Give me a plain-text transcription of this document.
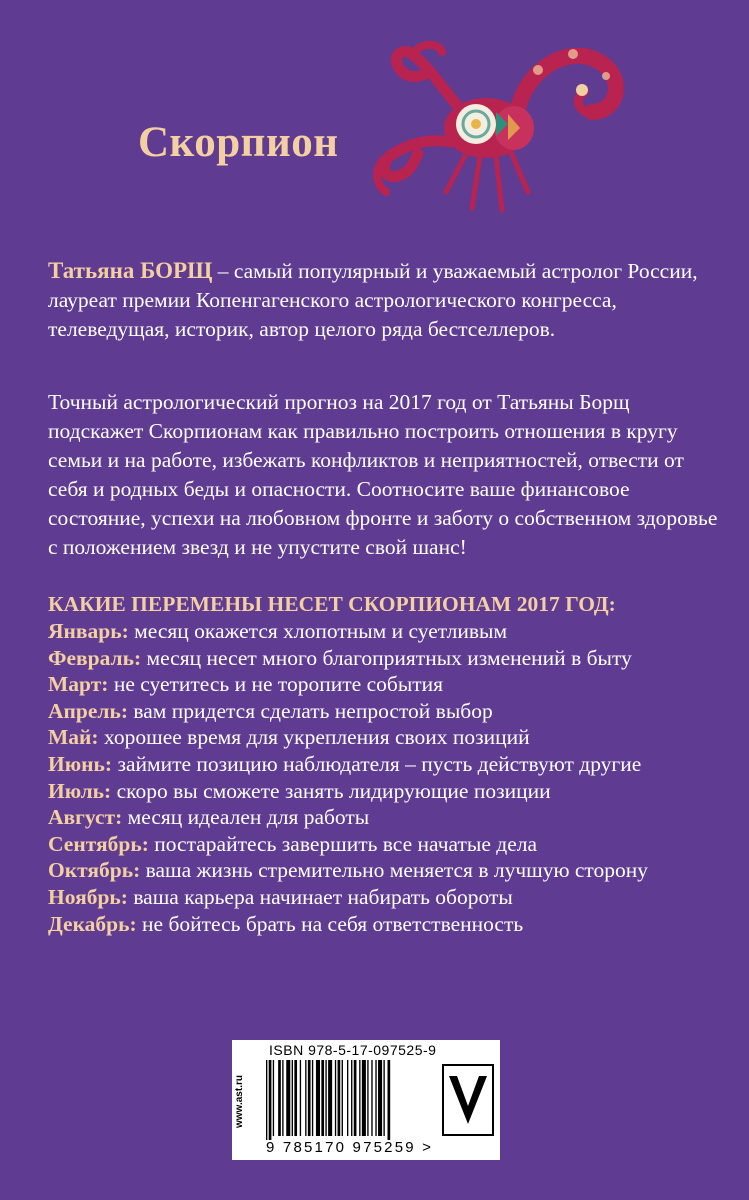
Скорпион
Татьяна БОРЩ – самый популярный и уважаемый астролог России, лауреат премии Копенгагенского астрологического конгресса, телеведущая, историк, автор целого ряда бестселлеров.
Точный астрологический прогноз на 2017 год от Татьяны Борщ подскажет Скорпионам как правильно построить отношения в кругу семьи и на работе, избежать конфликтов и неприятностей, отвести от себя и родных беды и опасности. Соотносите ваше финансовое состояние, успехи на любовном фронте и заботу о собственном здоровье с положением звезд и не упустите свой шанс!
КАКИЕ ПЕРЕМЕНЫ НЕСЕТ СКОРПИОНАМ 2017 ГОД:

Январь: месяц окажется хлопотным и суетливым

Февраль: месяц несет много благоприятных изменений в быту

Март: не суетитесь и не торопите события

Апрель: вам придется сделать непростой выбор

Май: хорошее время для укрепления своих позиций

Июнь: займите позицию наблюдателя – пусть действуют другие

Июль: скоро вы сможете занять лидирующие позиции

Август: месяц идеален для работы

Сентябрь: постарайтесь завершить все начатые дела

Октябрь: ваша жизнь стремительно меняется в лучшую сторону

Ноябрь: ваша карьера начинает набирать обороты

Декабрь: не бойтесь брать на себя ответственность

www.ast.ru
ISBN 978-5-17-097525-9
9 785170 975259 >
